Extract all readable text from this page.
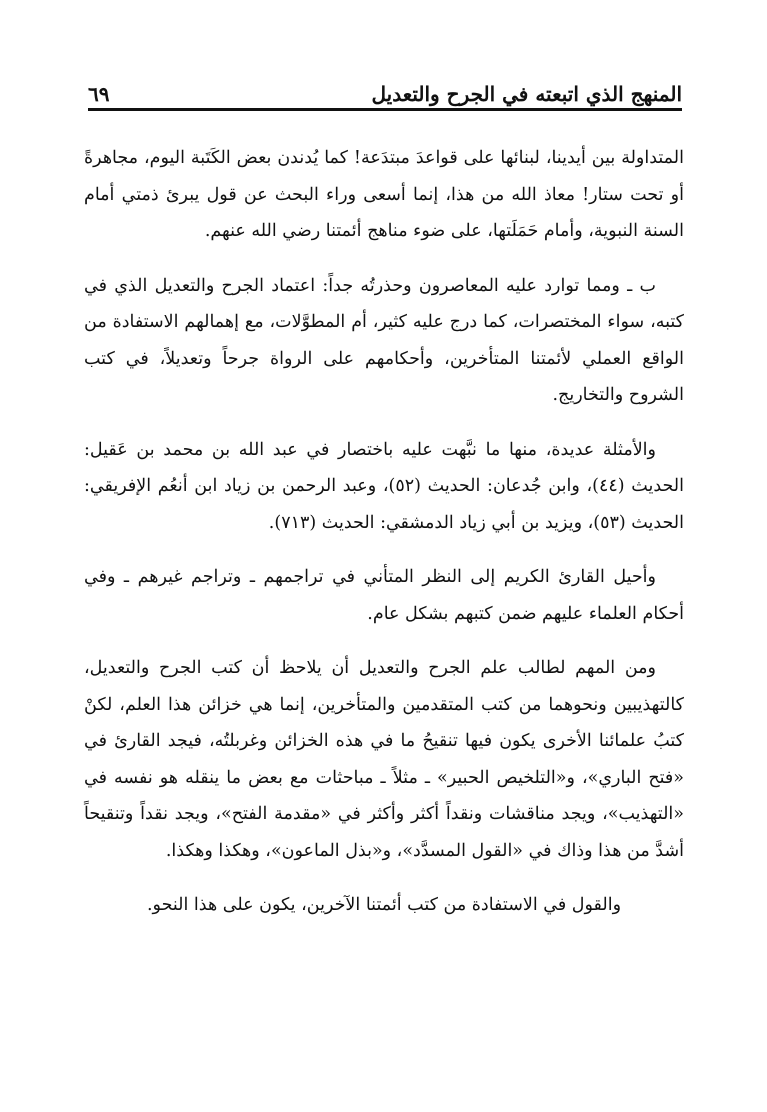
المنهج الذي اتبعته في الجرح والتعديل
٦٩

المتداولة بين أيدينا، لبنائها على قواعدَ مبتدَعة! كما يُدندن بعض الكَتَبة اليوم، مجاهرةً أو تحت ستار! معاذ الله من هذا، إنما أسعى وراء البحث عن قول يبرئ ذمتي أمام السنة النبوية، وأمام حَمَلَتها، على ضوء مناهج أئمتنا رضي الله عنهم.

ب ـ ومما توارد عليه المعاصرون وحذرتُه جداً: اعتماد الجرح والتعديل الذي في كتبه، سواء المختصرات، كما درج عليه كثير، أم المطوَّلات، مع إهمالهم الاستفادة من الواقع العملي لأئمتنا المتأخرين، وأحكامهم على الرواة جرحاً وتعديلاً، في كتب الشروح والتخاريج.

والأمثلة عديدة، منها ما نبَّهت عليه باختصار في عبد الله بن محمد بن عَقيل: الحديث (٤٤)، وابن جُدعان: الحديث (٥٢)، وعبد الرحمن بن زياد ابن أنعُم الإفريقي: الحديث (٥٣)، ويزيد بن أبي زياد الدمشقي: الحديث (٧١٣).

وأحيل القارئ الكريم إلى النظر المتأني في تراجمهم ـ وتراجم غيرهم ـ وفي أحكام العلماء عليهم ضمن كتبهم بشكل عام.

ومن المهم لطالب علم الجرح والتعديل أن يلاحظ أن كتب الجرح والتعديل، كالتهذيبين ونحوهما من كتب المتقدمين والمتأخرين، إنما هي خزائن هذا العلم، لكنْ كتبُ علمائنا الأخرى يكون فيها تنقيحُ ما في هذه الخزائن وغربلتُه، فيجد القارئ في «فتح الباري»، و«التلخيص الحبير» ـ مثلاً ـ مباحثات مع بعض ما ينقله هو نفسه في «التهذيب»، ويجد مناقشات ونقداً أكثر وأكثر في «مقدمة الفتح»، ويجد نقداً وتنقيحاً أشدَّ من هذا وذاك في «القول المسدَّد»، و«بذل الماعون»، وهكذا وهكذا.

والقول في الاستفادة من كتب أئمتنا الآخرين، يكون على هذا النحو.
